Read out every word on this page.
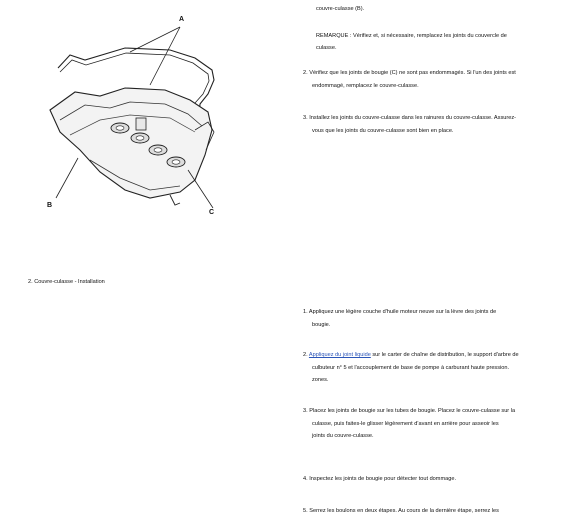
A
B
C
couvre-culasse (B).
REMARQUE : Vérifiez et, si nécessaire, remplacez les joints du couvercle de
culasse.
2. Vérifiez que les joints de bougie (C) ne sont pas endommagés. Si l'un des joints est
endommagé, remplacez le couvre-culasse.
3. Installez les joints du couvre-culasse dans les rainures du couvre-culasse. Assurez-
vous que les joints du couvre-culasse sont bien en place.
2. Couvre-culasse - Installation
1. Appliquez une légère couche d'huile moteur neuve sur la lèvre des joints de
bougie.
2. Appliquez du joint liquide sur le carter de chaîne de distribution, le support d'arbre de
culbuteur n° 5 et l'accouplement de base de pompe à carburant haute pression.
zones.
3. Placez les joints de bougie sur les tubes de bougie. Placez le couvre-culasse sur la
culasse, puis faites-le glisser légèrement d'avant en arrière pour asseoir les
joints du couvre-culasse.
4. Inspectez les joints de bougie pour détecter tout dommage.
5. Serrez les boulons en deux étapes. Au cours de la dernière étape, serrez les
